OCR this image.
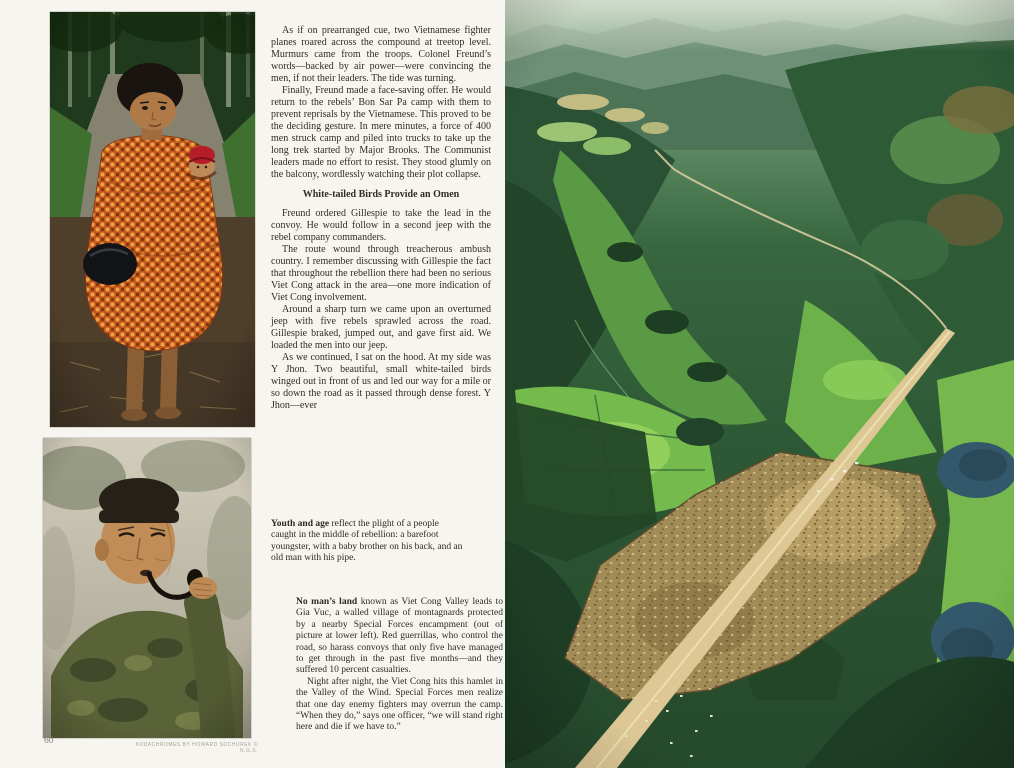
60	KODACHROMES BY HOWARD SOCHUREK © N.G.S.

As if on prearranged cue, two Vietnamese fighter planes roared across the compound at treetop level. Murmurs came from the troops. Colonel Freund’s words—backed by air power—were convincing the men, if not their leaders. The tide was turning.

Finally, Freund made a face-saving offer. He would return to the rebels’ Bon Sar Pa camp with them to prevent reprisals by the Vietnamese. This proved to be the deciding gesture. In mere minutes, a force of 400 men struck camp and piled into trucks to take up the long trek started by Major Brooks. The Communist leaders made no effort to resist. They stood glumly on the balcony, wordlessly watching their plot collapse.

White-tailed Birds Provide an Omen

Freund ordered Gillespie to take the lead in the convoy. He would follow in a second jeep with the rebel company commanders.

The route wound through treacherous ambush country. I remember discussing with Gillespie the fact that throughout the rebellion there had been no serious Viet Cong attack in the area—one more indication of Viet Cong involvement.

Around a sharp turn we came upon an overturned jeep with five rebels sprawled across the road. Gillespie braked, jumped out, and gave first aid. We loaded the men into our jeep.

As we continued, I sat on the hood. At my side was Y Jhon. Two beautiful, small white-tailed birds winged out in front of us and led our way for a mile or so down the road as it passed through dense forest. Y Jhon—ever

Youth and age reflect the plight of a people caught in the middle of rebellion: a barefoot youngster, with a baby brother on his back, and an old man with his pipe.

No man’s land known as Viet Cong Valley leads to Gia Vuc, a walled village of montagnards protected by a nearby Special Forces encampment (out of picture at lower left). Red guerrillas, who control the road, so harass convoys that only five have managed to get through in the past five months—and they suffered 10 percent casualties.

Night after night, the Viet Cong hits this hamlet in the Valley of the Wind. Special Forces men realize that one day enemy fighters may overrun the camp. “When they do,” says one officer, “we will stand right here and die if we have to.”
